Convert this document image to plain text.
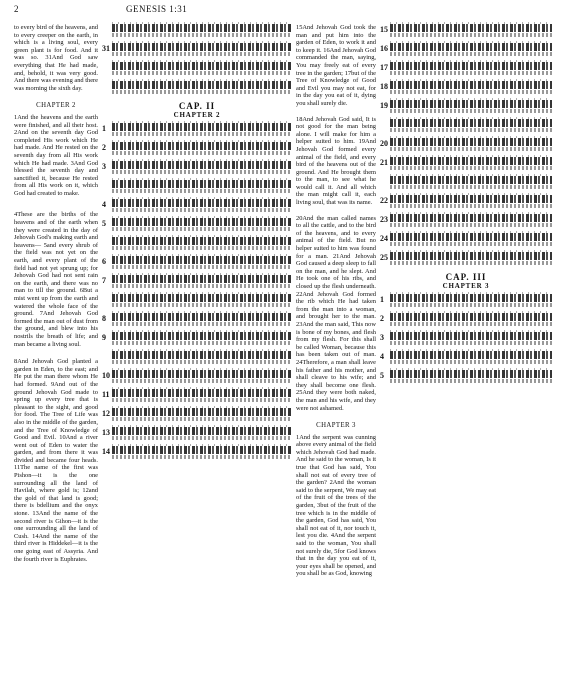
2	GENESIS 1:31

to every bird of the heavens, and to every creeper on the earth, in which is a living soul, every green plant is for food. And it was so. 31And God saw everything that He had made, and, behold, it was very good. And there was evening and there was morning the sixth day.

CHAPTER 2

1And the heavens and the earth were finished, and all their host. 2And on the seventh day God completed His work which He had made. And He rested on the seventh day from all His work which He had made. 3And God blessed the seventh day and sanctified it, because He rested from all His work on it, which God had created to make.

4These are the births of the heavens and of the earth when they were created in the day of Jehovah God's making earth and heavens— 5and every shrub of the field was not yet on the earth, and every plant of the field had not yet sprung up; for Jehovah God had not sent rain on the earth, and there was no man to till the ground. 6But a mist went up from the earth and watered the whole face of the ground. 7And Jehovah God formed the man out of dust from the ground, and blew into his nostrils the breath of life; and man became a living soul.

8And Jehovah God planted a garden in Eden, to the east; and He put the man there whom He had formed. 9And out of the ground Jehovah God made to spring up every tree that is pleasant to the sight, and good for food. The Tree of Life was also in the middle of the garden, and the Tree of Knowledge of Good and Evil. 10And a river went out of Eden to water the garden, and from there it was divided and became four heads. 11The name of the first was Pishon—it is the one surrounding all the land of Havilah, where gold is; 12and the gold of that land is good; there is bdellium and the onyx stone. 13And the name of the second river is Gihon—it is the one surrounding all the land of Cush. 14And the name of the third river is Hiddekel—it is the one going east of Assyria. And the fourth river is Euphrates.

31
CAP. II
CHAPTER 2
1
2
3
4
5
6
7
8
9
10
11
12
13
14

15And Jehovah God took the man and put him into the garden of Eden, to work it and to keep it. 16And Jehovah God commanded the man, saying, You may freely eat of every tree in the garden; 17but of the Tree of Knowledge of Good and Evil you may not eat, for in the day you eat of it, dying you shall surely die.

18And Jehovah God said, It is not good for the man being alone. I will make for him a helper suited to him. 19And Jehovah God formed every animal of the field, and every bird of the heavens out of the ground. And He brought them to the man, to see what he would call it. And all which the man might call it, each living soul, that was its name.

20And the man called names to all the cattle, and to the bird of the heavens, and to every animal of the field. But no helper suited to him was found for a man. 21And Jehovah God caused a deep sleep to fall on the man, and he slept. And He took one of his ribs, and closed up the flesh underneath. 22And Jehovah God formed the rib which He had taken from the man into a woman, and brought her to the man. 23And the man said, This now is bone of my bones, and flesh from my flesh. For this shall be called Woman, because this has been taken out of man. 24Therefore, a man shall leave his father and his mother, and shall cleave to his wife; and they shall become one flesh. 25And they were both naked, the man and his wife, and they were not ashamed.

CHAPTER 3

1And the serpent was cunning above every animal of the field which Jehovah God had made. And he said to the woman, Is it true that God has said, You shall not eat of every tree of the garden? 2And the woman said to the serpent, We may eat of the fruit of the trees of the garden, 3but of the fruit of the tree which is in the middle of the garden, God has said, You shall not eat of it, nor touch it, lest you die. 4And the serpent said to the woman, You shall not surely die, 5for God knows that in the day you eat of it, your eyes shall be opened, and you shall be as God, knowing

15
16
17
18
19
20
21
22
23
24
25
CAP. III
CHAPTER 3
1
2
3
4
5
